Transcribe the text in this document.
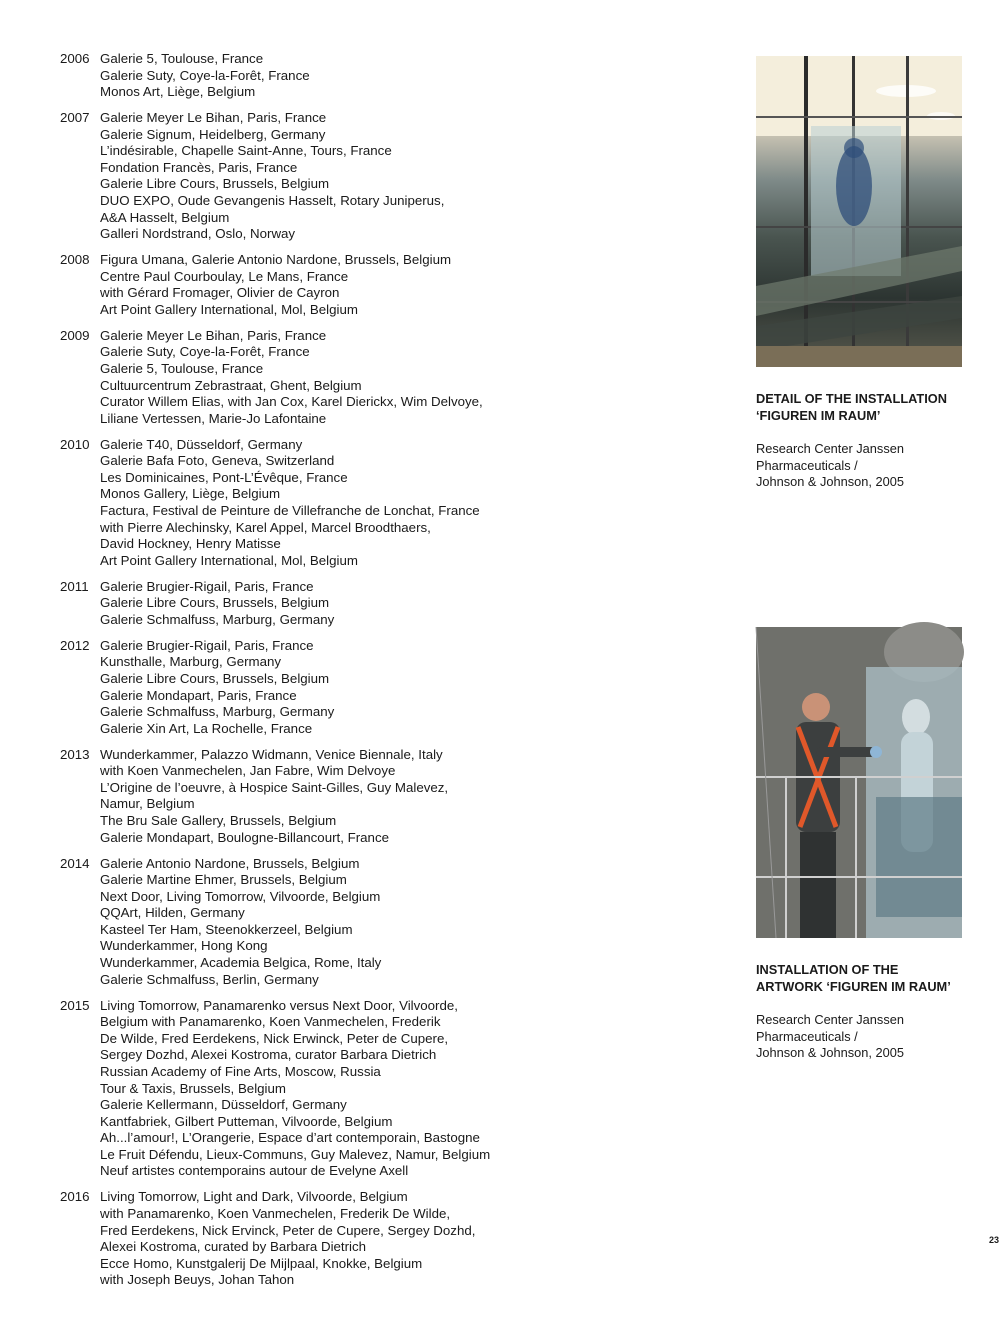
2006 Galerie 5, Toulouse, France
Galerie Suty, Coye-la-Forêt, France
Monos Art, Liège, Belgium
2007 Galerie Meyer Le Bihan, Paris, France
Galerie Signum, Heidelberg, Germany
L’indésirable, Chapelle Saint-Anne, Tours, France
Fondation Francès, Paris, France
Galerie Libre Cours, Brussels, Belgium
DUO EXPO, Oude Gevangenis Hasselt, Rotary Juniperus,
A&A Hasselt, Belgium
Galleri Nordstrand, Oslo, Norway
2008 Figura Umana, Galerie Antonio Nardone, Brussels, Belgium
Centre Paul Courboulay, Le Mans, France
with Gérard Fromager, Olivier de Cayron
Art Point Gallery International, Mol, Belgium
2009 Galerie Meyer Le Bihan, Paris, France
Galerie Suty, Coye-la-Forêt, France
Galerie 5, Toulouse, France
Cultuurcentrum Zebrastraat, Ghent, Belgium
Curator Willem Elias, with Jan Cox, Karel Dierickx, Wim Delvoye,
Liliane Vertessen, Marie-Jo Lafontaine
2010 Galerie T40, Düsseldorf, Germany
Galerie Bafa Foto, Geneva, Switzerland
Les Dominicaines, Pont-L’Évêque, France
Monos Gallery, Liège, Belgium
Factura, Festival de Peinture de Villefranche de Lonchat, France
with Pierre Alechinsky, Karel Appel, Marcel Broodthaers,
David Hockney, Henry Matisse
Art Point Gallery International, Mol, Belgium
2011 Galerie Brugier-Rigail, Paris, France
Galerie Libre Cours, Brussels, Belgium
Galerie Schmalfuss, Marburg, Germany
2012 Galerie Brugier-Rigail, Paris, France
Kunsthalle, Marburg, Germany
Galerie Libre Cours, Brussels, Belgium
Galerie Mondapart, Paris, France
Galerie Schmalfuss, Marburg, Germany
Galerie Xin Art, La Rochelle, France
2013 Wunderkammer, Palazzo Widmann, Venice Biennale, Italy
with Koen Vanmechelen, Jan Fabre, Wim Delvoye
L’Origine de l’oeuvre, à Hospice Saint-Gilles, Guy Malevez,
Namur, Belgium
The Bru Sale Gallery, Brussels, Belgium
Galerie Mondapart, Boulogne-Billancourt, France
2014 Galerie Antonio Nardone, Brussels, Belgium
Galerie Martine Ehmer, Brussels, Belgium
Next Door, Living Tomorrow, Vilvoorde, Belgium
QQArt, Hilden, Germany
Kasteel Ter Ham, Steenokkerzeel, Belgium
Wunderkammer, Hong Kong
Wunderkammer, Academia Belgica, Rome, Italy
Galerie Schmalfuss, Berlin, Germany
2015 Living Tomorrow, Panamarenko versus Next Door, Vilvoorde,
Belgium with Panamarenko, Koen Vanmechelen, Frederik
De Wilde, Fred Eerdekens, Nick Erwinck, Peter de Cupere,
Sergey Dozhd, Alexei Kostroma, curator Barbara Dietrich
Russian Academy of Fine Arts, Moscow, Russia
Tour & Taxis, Brussels, Belgium
Galerie Kellermann, Düsseldorf, Germany
Kantfabriek, Gilbert Putteman, Vilvoorde, Belgium
Ah...l’amour!, L’Orangerie, Espace d’art contemporain, Bastogne
Le Fruit Défendu, Lieux-Communs, Guy Malevez, Namur, Belgium
Neuf artistes contemporains autour de Evelyne Axell
2016 Living Tomorrow, Light and Dark, Vilvoorde, Belgium
with Panamarenko, Koen Vanmechelen, Frederik De Wilde,
Fred Eerdekens, Nick Ervinck, Peter de Cupere, Sergey Dozhd,
Alexei Kostroma, curated by Barbara Dietrich
Ecce Homo, Kunstgalerij De Mijlpaal, Knokke, Belgium
with Joseph Beuys, Johan Tahon
DETAIL OF THE INSTALLATION
‘FIGUREN IM RAUM’
Research Center Janssen
Pharmaceuticals /
Johnson & Johnson, 2005
INSTALLATION OF THE
ARTWORK ‘FIGUREN IM RAUM’
Research Center Janssen
Pharmaceuticals /
Johnson & Johnson, 2005
23
